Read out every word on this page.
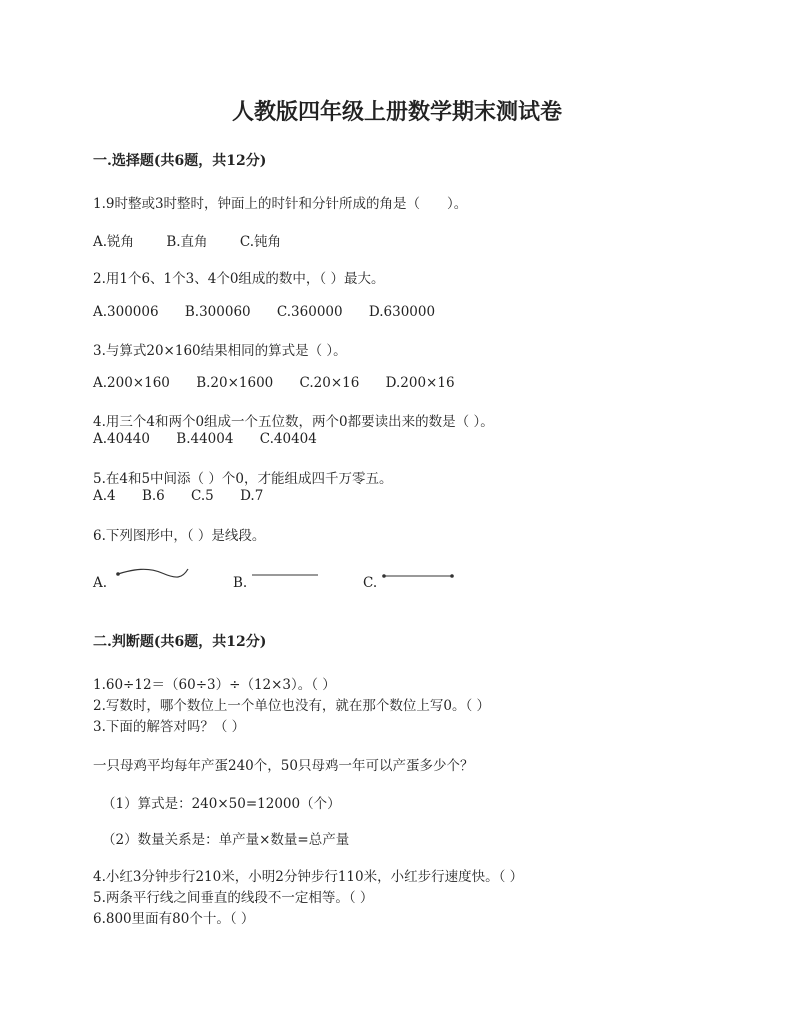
人教版四年级上册数学期末测试卷
一.选择题(共6题，共12分)
1.9时整或3时整时，钟面上的时针和分针所成的角是（　　）。
A.锐角 B.直角 C.钝角
2.用1个6、1个3、4个0组成的数中，（ ）最大。
A.300006 B.300060 C.360000 D.630000
3.与算式20×160结果相同的算式是（ ）。
A.200×160 B.20×1600 C.20×16 D.200×16
4.用三个4和两个0组成一个五位数，两个0都要读出来的数是（ ）。
A.40440 B.44004 C.40404
5.在4和5中间添（ ）个0，才能组成四千万零五。
A.4 B.6 C.5 D.7
6.下列图形中，（ ）是线段。
A.	B.	C.
二.判断题(共6题，共12分)
1.60÷12＝（60÷3）÷（12×3）。（ ）
2.写数时，哪个数位上一个单位也没有，就在那个数位上写0。（ ）
3.下面的解答对吗？（ ）
一只母鸡平均每年产蛋240个，50只母鸡一年可以产蛋多少个？
（1）算式是：240×50=12000（个）
（2）数量关系是：单产量×数量=总产量
4.小红3分钟步行210米，小明2分钟步行110米，小红步行速度快。（ ）
5.两条平行线之间垂直的线段不一定相等。（ ）
6.800里面有80个十。（ ）
